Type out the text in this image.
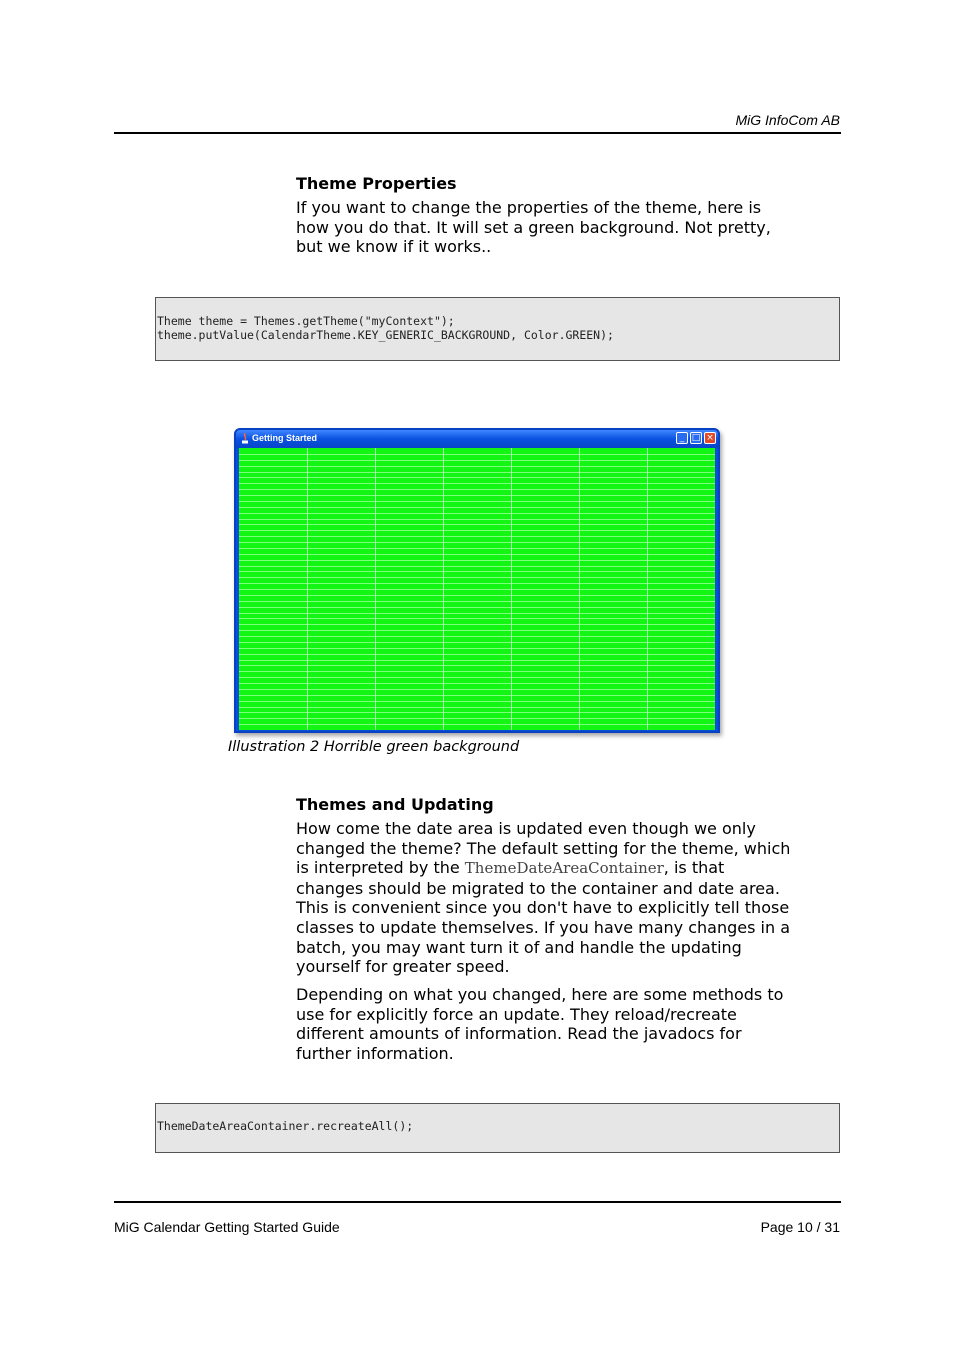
MiG InfoCom AB
Theme Properties
If you want to change the properties of the theme, here is how you do that. It will set a green background. Not pretty, but we know if it works..
Theme theme = Themes.getTheme("myContext");
theme.putValue(CalendarTheme.KEY_GENERIC_BACKGROUND, Color.GREEN);
Getting Started	_ □ ×
Illustration 2 Horrible green background
Themes and Updating
How come the date area is updated even though we only changed the theme? The default setting for the theme, which is interpreted by the ThemeDateAreaContainer, is that changes should be migrated to the container and date area. This is convenient since you don't have to explicitly tell those classes to update themselves. If you have many changes in a batch, you may want turn it of and handle the updating yourself for greater speed.
Depending on what you changed, here are some methods to use for explicitly force an update. They reload/recreate different amounts of information. Read the javadocs for further information.
ThemeDateAreaContainer.recreateAll();
MiG Calendar Getting Started Guide	Page 10 / 31
